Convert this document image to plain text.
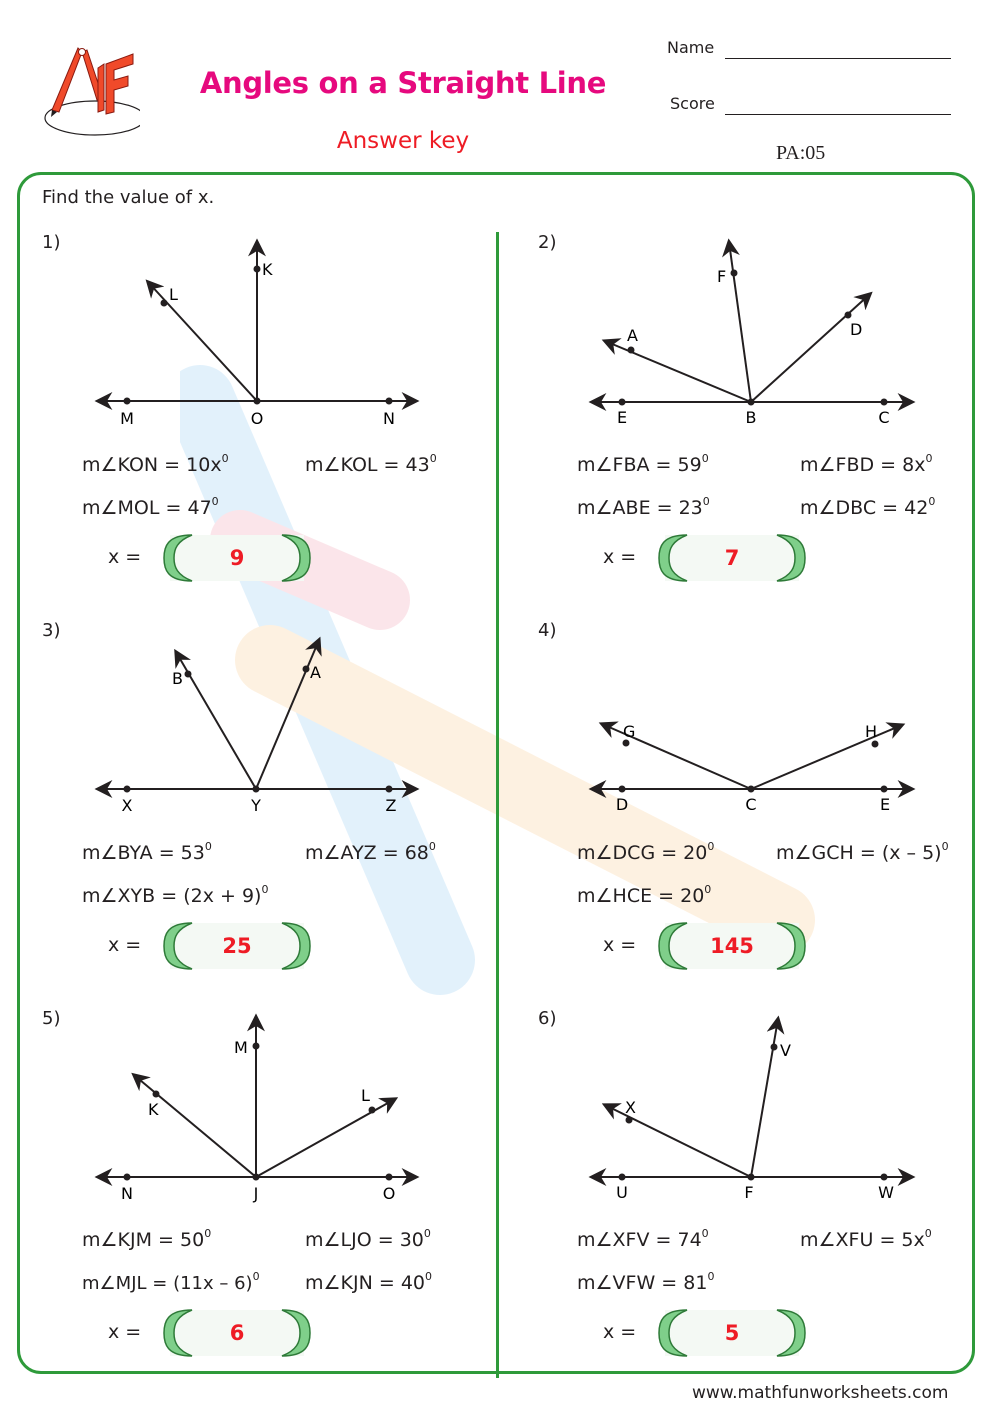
Angles on a Straight Line
Answer key
Name
Score
PA:05
Find the value of x.
1)
M	O	N
K
L
m∠KON = $10x^0$	m∠KOL = $43^0$
m∠MOL = $47^0$
x =	9
2)
E	B	C
F
A	D
m∠FBA = $59^0$	m∠FBD = $8x^0$
m∠ABE = $23^0$	m∠DBC = $42^0$
x =	7
3)
X	Y	Z
B	A
m∠BYA = $53^0$	m∠AYZ = $68^0$
m∠XYB = $(2x + 9)^0$
x =	25
4)
D	C	E
G	H
m∠DCG = $20^0$	m∠GCH = (x – 5)$^0$
m∠HCE = $20^0$
x =	145
5)
N	J	O
M
K
L
m∠KJM = $50^0$	m∠LJO = $30^0$
m∠MJL = (11x – 6)$^0$ m∠KJN = $40^0$
x =	6
6)
U	F	W
V
X
m∠XFV = $74^0$	m∠XFU = $5x^0$
m∠VFW = $81^0$
x =	5
www.mathfunworksheets.com
